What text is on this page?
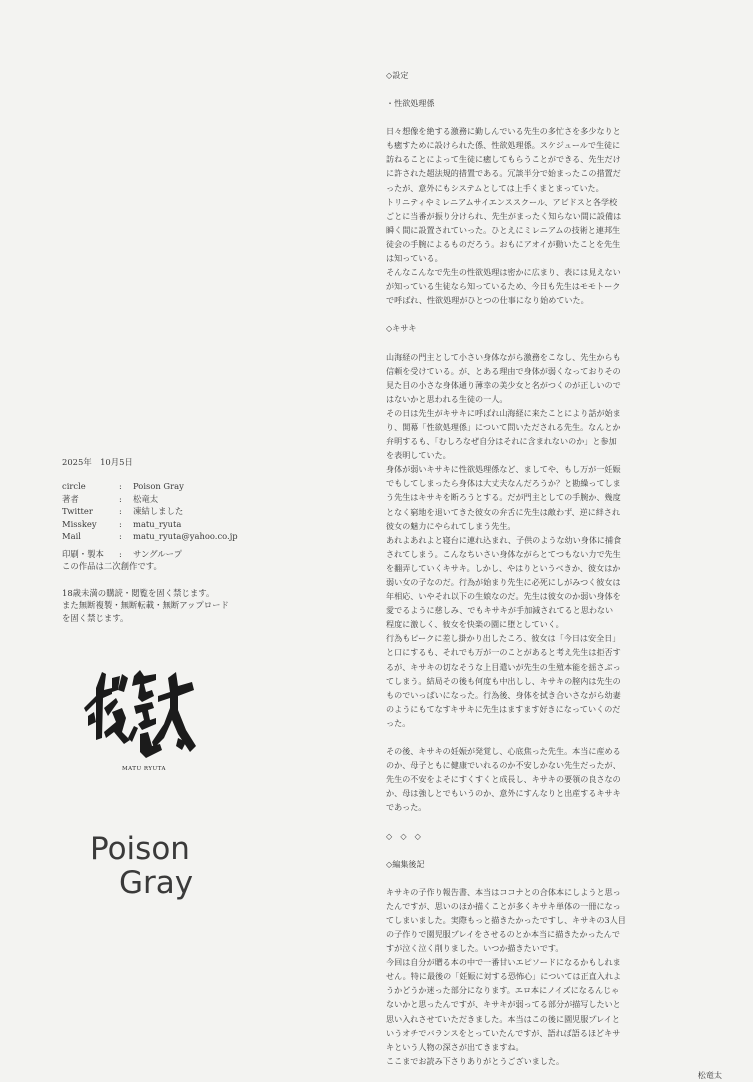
◇設定

・性欲処理係

日々想像を絶する激務に勤しんでいる先生の多忙さを多少なりと
も癒すために設けられた係、性欲処理係。スケジュールで生徒に
訪ねることによって生徒に癒してもらうことができる、先生だけ
に許された超法規的措置である。冗談半分で始まったこの措置だ
ったが、意外にもシステムとしては上手くまとまっていた。
トリニティやミレニアムサイエンススクール、アビドスと各学校
ごとに当番が振り分けられ、先生がまったく知らない間に設備は
瞬く間に設置されていった。ひとえにミレニアムの技術と連邦生
徒会の手腕によるものだろう。おもにアオイが動いたことを先生
は知っている。
そんなこんなで先生の性欲処理は密かに広まり、表には見えない
が知っている生徒なら知っているため、今日も先生はモモトーク
で呼ばれ、性欲処理がひとつの仕事になり始めていた。

◇キサキ

山海経の門主として小さい身体ながら激務をこなし、先生からも
信頼を受けている。が、とある理由で身体が弱くなっておりその
見た目の小さな身体通り薄幸の美少女と名がつくのが正しいので
はないかと思われる生徒の一人。
その日は先生がキサキに呼ばれ山海経に来たことにより話が始ま
り、開幕「性欲処理係」について問いただされる先生。なんとか
弁明するも、「むしろなぜ自分はそれに含まれないのか」と参加
を表明していた。
身体が弱いキサキに性欲処理係など、ましてや、もし万が一妊娠
でもしてしまったら身体は大丈夫なんだろうか？と勘繰ってしま
う先生はキサキを断ろうとする。だが門主としての手腕か、幾度
となく窮地を退いてきた彼女の弁舌に先生は敵わず、逆に絆され
彼女の魅力にやられてしまう先生。
あれよあれよと寝台に連れ込まれ、子供のような幼い身体に捕食
されてしまう。こんなちいさい身体ながらとてつもない力で先生
を翻弄していくキサキ。しかし、やはりというべきか、彼女はか
弱い女の子なのだ。行為が始まり先生に必死にしがみつく彼女は
年相応、いやそれ以下の生娘なのだ。先生は彼女のか弱い身体を
愛でるように慈しみ、でもキサキが手加減されてると思わない
程度に激しく、彼女を快楽の園に堕としていく。
行為もピークに差し掛かり出したころ、彼女は「今日は安全日」
と口にするも、それでも万が一のことがあると考え先生は拒否す
るが、キサキの切なそうな上目遣いが先生の生殖本能を揺さぶっ
てしまう。結局その後も何度も中出しし、キサキの膣内は先生の
ものでいっぱいになった。行為後、身体を拭き合いさながら幼妻
のようにもてなすキサキに先生はますます好きになっていくのだ
った。

その後、キサキの妊娠が発覚し、心底焦った先生。本当に産める
のか、母子ともに健康でいれるのか不安しかない先生だったが、
先生の不安をよそにすくすくと成長し、キサキの要領の良さなの
か、母は強しとでもいうのか、意外にすんなりと出産するキサキ
であった。

◇　◇　◇

◇編集後記

キサキの子作り報告書、本当はココナとの合体本にしようと思っ
たんですが、思いのほか描くことが多くキサキ単体の一冊になっ
てしまいました。実際もっと描きたかったですし、キサキの3人目
の子作りで園児服プレイをさせるのとか本当に描きたかったんで
すが泣く泣く削りました。いつか描きたいです。
今回は自分が贈る本の中で一番甘いエピソードになるかもしれま
せん。特に最後の「妊娠に対する恐怖心」については正直入れよ
うかどうか迷った部分になります。エロ本にノイズになるんじゃ
ないかと思ったんですが、キサキが弱ってる部分が描写したいと
思い入れさせていただきました。本当はこの後に園児服プレイと
いうオチでバランスをとっていたんですが、語れば語るほどキサ
キという人物の深さが出てきますね。
ここまでお読み下さりありがとうございました。

松竜太

2025年　10月5日
circle	:	Poison Gray
著者	:	松竜太
Twitter	:	凍結しました
Misskey	:	matu_ryuta
Mail	:	matu_ryuta@yahoo.co.jp
印刷・製本	:	サングループ
この作品は二次創作です。
18歳未満の購読・閲覧を固く禁じます。
また無断複製・無断転載・無断アップロード
を固く禁じます。
MATU RYUTA
Poison
Gray
